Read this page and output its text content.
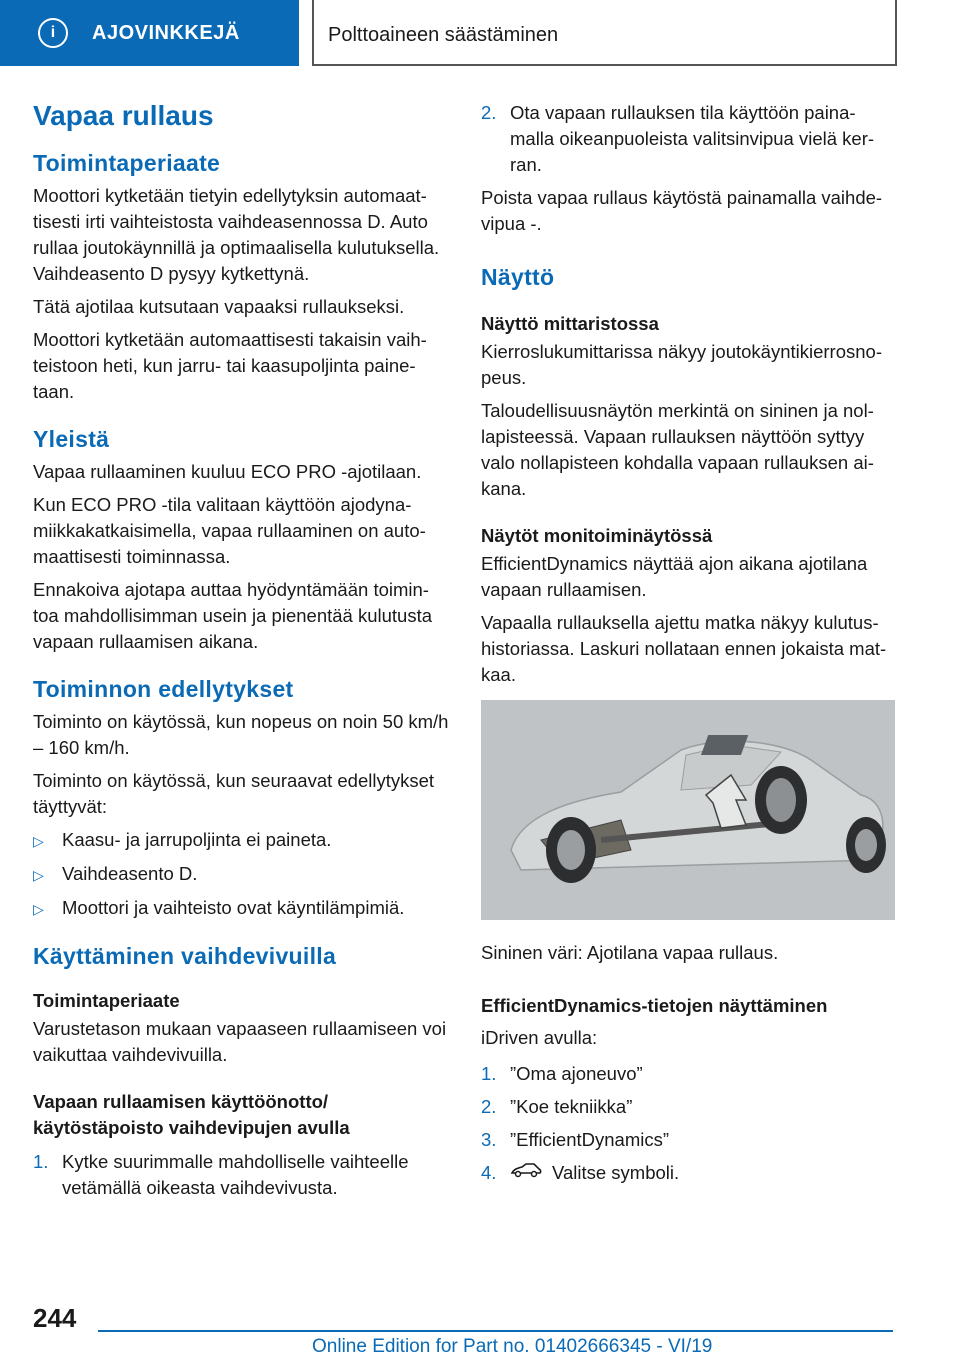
i	AJOVINKKEJÄ	Polttoaineen säästäminen
Vapaa rullaus
Toimintaperiaate

Moottori kytketään tietyin edellytyksin automaat-tisesti irti vaihteistosta vaihdeasennossa D. Auto rullaa joutokäynnillä ja optimaalisella kulutuksella. Vaihdeasento D pysyy kytkettynä.

Tätä ajotilaa kutsutaan vapaaksi rullaukseksi.

Moottori kytketään automaattisesti takaisin vaih-teistoon heti, kun jarru- tai kaasupoljinta paine-taan.

Yleistä

Vapaa rullaaminen kuuluu ECO PRO -ajotilaan.

Kun ECO PRO -tila valitaan käyttöön ajodyna-miikkakatkaisimella, vapaa rullaaminen on auto-maattisesti toiminnassa.

Ennakoiva ajotapa auttaa hyödyntämään toimin-toa mahdollisimman usein ja pienentää kulutusta vapaan rullaamisen aikana.

Toiminnon edellytykset

Toiminto on käytössä, kun nopeus on noin 50 km/h – 160 km/h.

Toiminto on käytössä, kun seuraavat edellytykset täyttyvät:

▷ Kaasu- ja jarrupoljinta ei paineta.
▷ Vaihdeasento D.
▷ Moottori ja vaihteisto ovat käyntilämpimiä.
Käyttäminen vaihdevivuilla
Toimintaperiaate

Varustetason mukaan vapaaseen rullaamiseen voi vaikuttaa vaihdevivuilla.

Vapaan rullaamisen käyttöönotto/ käytöstäpoisto vaihdevipujen avulla
1. Kytke suurimmalle mahdolliselle vaihteelle vetämällä oikeasta vaihdevivusta.
2. Ota vapaan rullauksen tila käyttöön paina-malla oikeanpuoleista valitsinvipua vielä ker-ran.

Poista vapaa rullaus käytöstä painamalla vaihde-vipua -.

Näyttö
Näyttö mittaristossa

Kierroslukumittarissa näkyy joutokäyntikierrosno-peus.

Taloudellisuusnäytön merkintä on sininen ja nol-lapisteessä. Vapaan rullauksen näyttöön syttyy valo nollapisteen kohdalla vapaan rullauksen ai-kana.

Näytöt monitoiminäytössä

EfficientDynamics näyttää ajon aikana ajotilana vapaan rullaamisen.

Vapaalla rullauksella ajettu matka näkyy kulutus-historiassa. Laskuri nollataan ennen jokaista mat-kaa.

Sininen väri: Ajotilana vapaa rullaus.

EfficientDynamics-tietojen näyttäminen

iDriven avulla:

1. ”Oma ajoneuvo”
2. ”Koe tekniikka”
3. ”EfficientDynamics”
4.	Valitse symboli.
244
Online Edition for Part no. 01402666345 - VI/19
